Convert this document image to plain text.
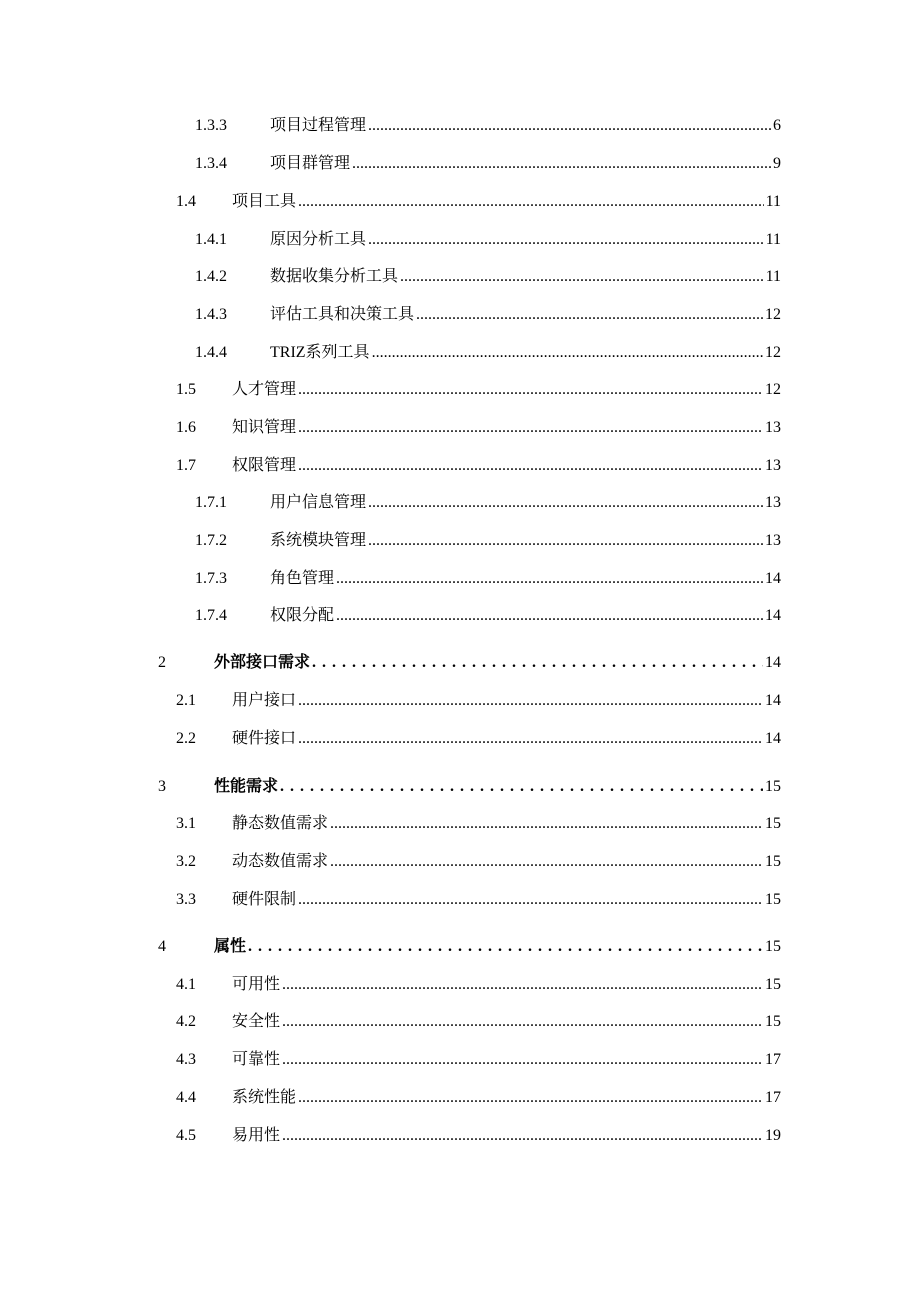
1.3.3	项目过程管理 .....	6
1.3.4	项目群管理 .....	9
1.4 项目工具 .....	11
1.4.1	原因分析工具 .....	11
1.4.2	数据收集分析工具 .....	11
1.4.3	评估工具和决策工具 .....	12
1.4.4	TRIZ系列工具 .....	12
1.5 人才管理 .....	12
1.6 知识管理 .....	13
1.7 权限管理 .....	13
1.7.1	用户信息管理 .....	13
1.7.2	系统模块管理 .....	13
1.7.3	角色管理 .....	14
1.7.4	权限分配 .....	14
2	外部接口需求 . . .	14
2.1 用户接口 .....	14
2.2 硬件接口 .....	14
3	性能需求 . . .	15
3.1 静态数值需求 .....	15
3.2 动态数值需求 .....	15
3.3 硬件限制 .....	15
4	属性 . . .	15
4.1 可用性 .....	15
4.2 安全性 .....	15
4.3 可靠性 .....	17
4.4 系统性能 .....	17
4.5 易用性 .....	19
